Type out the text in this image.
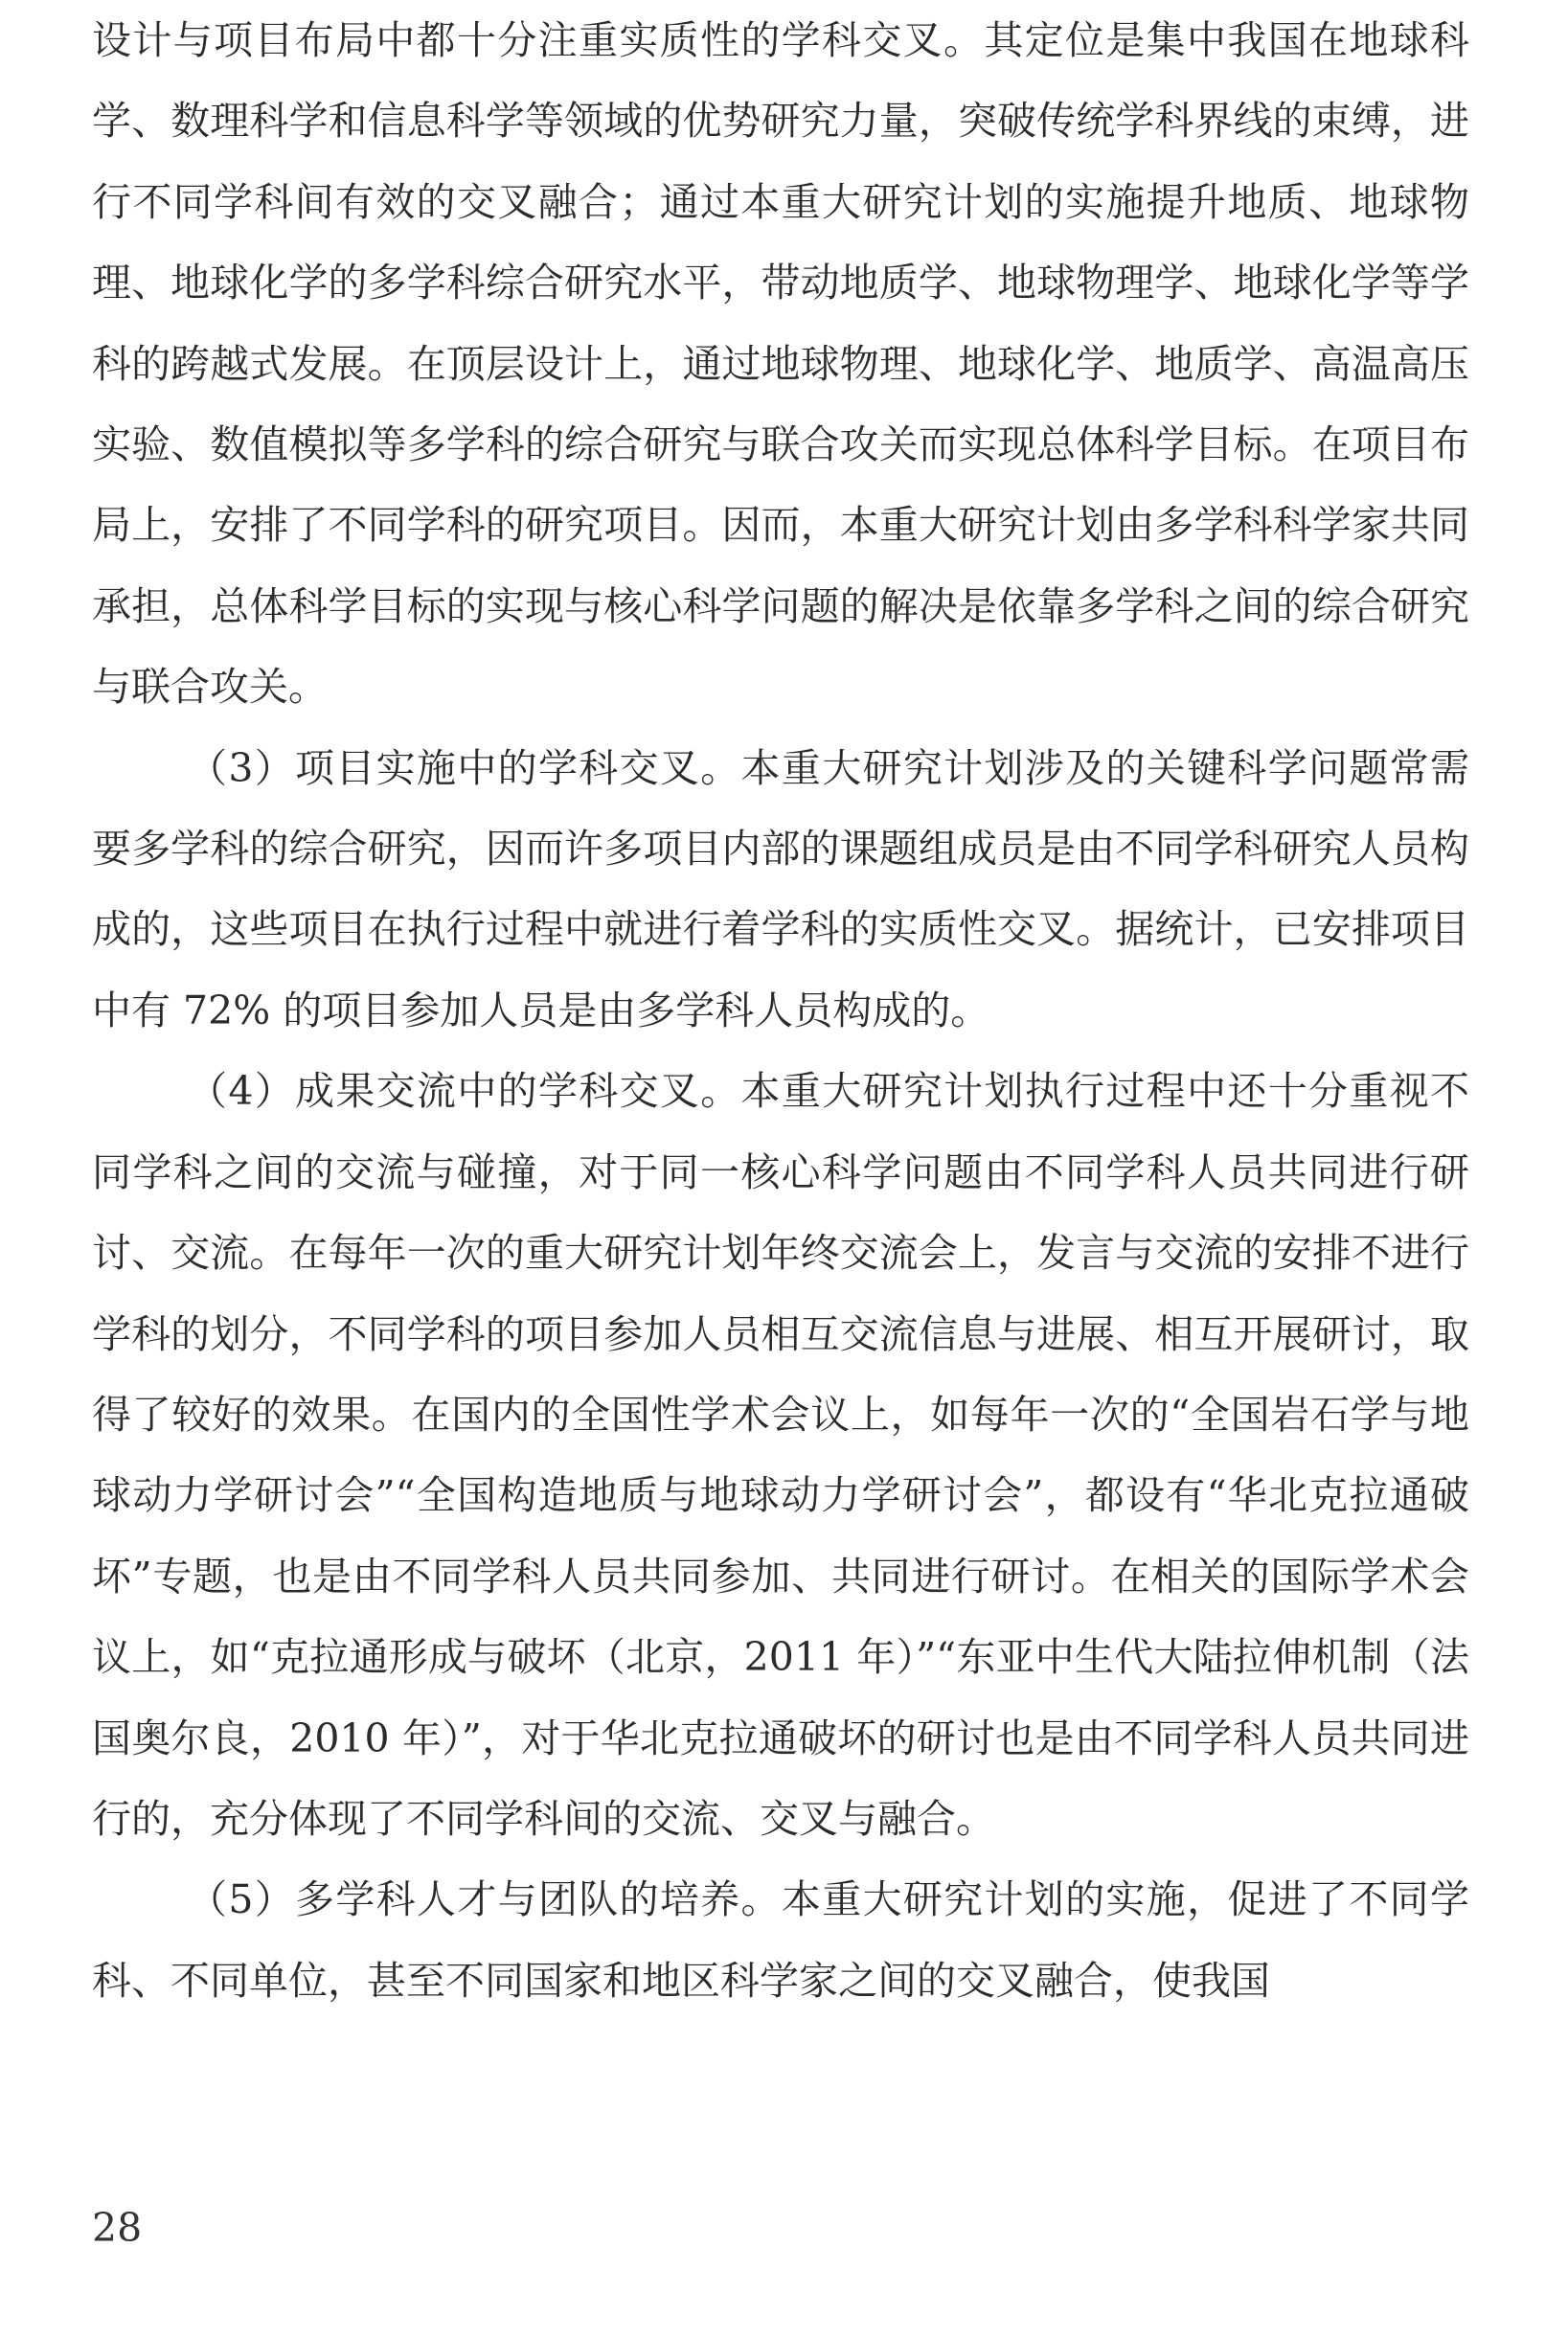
设计与项目布局中都十分注重实质性的学科交叉。其定位是集中我国在地球科学、数理科学和信息科学等领域的优势研究力量，突破传统学科界线的束缚，进行不同学科间有效的交叉融合；通过本重大研究计划的实施提升地质、地球物理、地球化学的多学科综合研究水平，带动地质学、地球物理学、地球化学等学科的跨越式发展。在顶层设计上，通过地球物理、地球化学、地质学、高温高压实验、数值模拟等多学科的综合研究与联合攻关而实现总体科学目标。在项目布局上，安排了不同学科的研究项目。因而，本重大研究计划由多学科科学家共同承担，总体科学目标的实现与核心科学问题的解决是依靠多学科之间的综合研究与联合攻关。

（3）项目实施中的学科交叉。本重大研究计划涉及的关键科学问题常需要多学科的综合研究，因而许多项目内部的课题组成员是由不同学科研究人员构成的，这些项目在执行过程中就进行着学科的实质性交叉。据统计，已安排项目中有 72% 的项目参加人员是由多学科人员构成的。

（4）成果交流中的学科交叉。本重大研究计划执行过程中还十分重视不同学科之间的交流与碰撞，对于同一核心科学问题由不同学科人员共同进行研讨、交流。在每年一次的重大研究计划年终交流会上，发言与交流的安排不进行学科的划分，不同学科的项目参加人员相互交流信息与进展、相互开展研讨，取得了较好的效果。在国内的全国性学术会议上，如每年一次的“全国岩石学与地球动力学研讨会”“全国构造地质与地球动力学研讨会”，都设有“华北克拉通破坏”专题，也是由不同学科人员共同参加、共同进行研讨。在相关的国际学术会议上，如“克拉通形成与破坏（北京，2011 年）”“东亚中生代大陆拉伸机制（法国奥尔良，2010 年）”，对于华北克拉通破坏的研讨也是由不同学科人员共同进行的，充分体现了不同学科间的交流、交叉与融合。

（5）多学科人才与团队的培养。本重大研究计划的实施，促进了不同学科、不同单位，甚至不同国家和地区科学家之间的交叉融合，使我国

28
